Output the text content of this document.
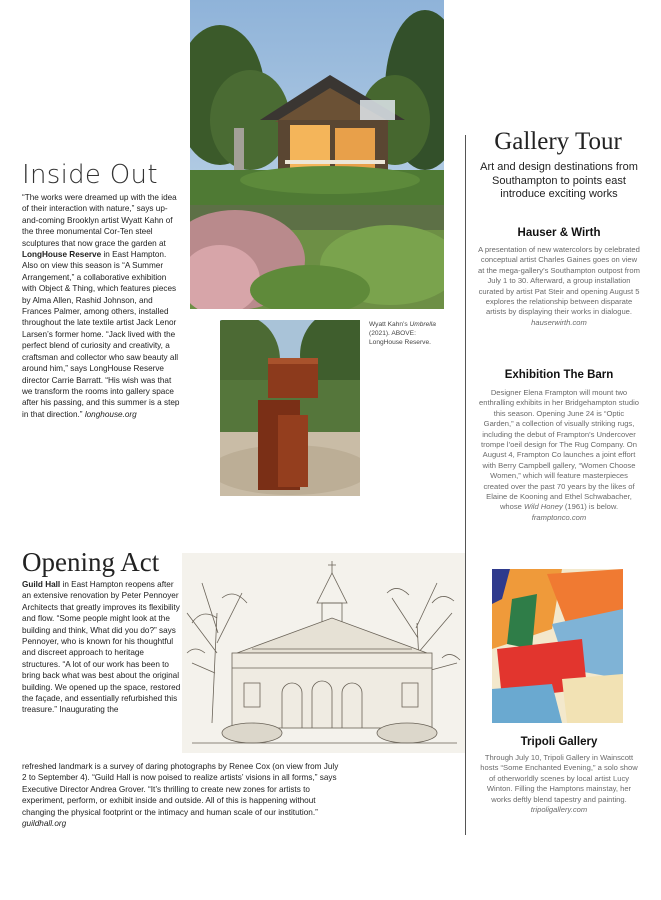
Inside Out
“The works were dreamed up with the idea of their interaction with nature,” says up-and-coming Brooklyn artist Wyatt Kahn of the three monumental Cor-Ten steel sculptures that now grace the garden at LongHouse Reserve in East Hampton. Also on view this season is “A Summer Arrangement,” a collaborative exhibition with Object & Thing, which features pieces by Alma Allen, Rashid Johnson, and Frances Palmer, among others, installed throughout the late textile artist Jack Lenor Larsen’s former home. “Jack lived with the perfect blend of curiosity and creativity, a craftsman and collector who saw beauty all around him,” says LongHouse Reserve director Carrie Barratt. “His wish was that we transform the rooms into gallery space after his passing, and this summer is a step in that direction.” longhouse.org
Wyatt Kahn’s Umbrella (2021). ABOVE: LongHouse Reserve.
Opening Act
Guild Hall in East Hampton reopens after an extensive renovation by Peter Pennoyer Architects that greatly improves its flexibility and flow. “Some people might look at the building and think, What did you do?” says Pennoyer, who is known for his thoughtful and discreet approach to heritage structures. “A lot of our work has been to bring back what was best about the original building. We opened up the space, restored the façade, and essentially refurbished this treasure.” Inaugurating the
refreshed landmark is a survey of daring photographs by Renee Cox (on view from July 2 to September 4). “Guild Hall is now poised to realize artists’ visions in all forms,” says Executive Director Andrea Grover. “It’s thrilling to create new zones for artists to experiment, perform, or exhibit inside and outside. All of this is happening without changing the physical footprint or the intimacy and human scale of our institution.” guildhall.org
Gallery Tour
Art and design destinations from Southampton to points east introduce exciting works
Hauser & Wirth
A presentation of new watercolors by celebrated conceptual artist Charles Gaines goes on view at the mega-gallery’s Southampton outpost from July 1 to 30. Afterward, a group installation curated by artist Pat Steir and opening August 5 explores the relationship between disparate artists by displaying their works in dialogue. hauserwirth.com
Exhibition The Barn
Designer Elena Frampton will mount two enthralling exhibits in her Bridgehampton studio this season. Opening June 24 is “Optic Garden,” a collection of visually striking rugs, including the debut of Frampton’s Undercover trompe l’oeil design for The Rug Company. On August 4, Frampton Co launches a joint effort with Berry Campbell gallery, “Women Choose Women,” which will feature masterpieces created over the past 70 years by the likes of Elaine de Kooning and Ethel Schwabacher, whose Wild Honey (1961) is below. framptonco.com
Tripoli Gallery
Through July 10, Tripoli Gallery in Wainscott hosts “Some Enchanted Evening,” a solo show of otherworldly scenes by local artist Lucy Winton. Filling the Hamptons mainstay, her works deftly blend tapestry and painting. tripoligallery.com
